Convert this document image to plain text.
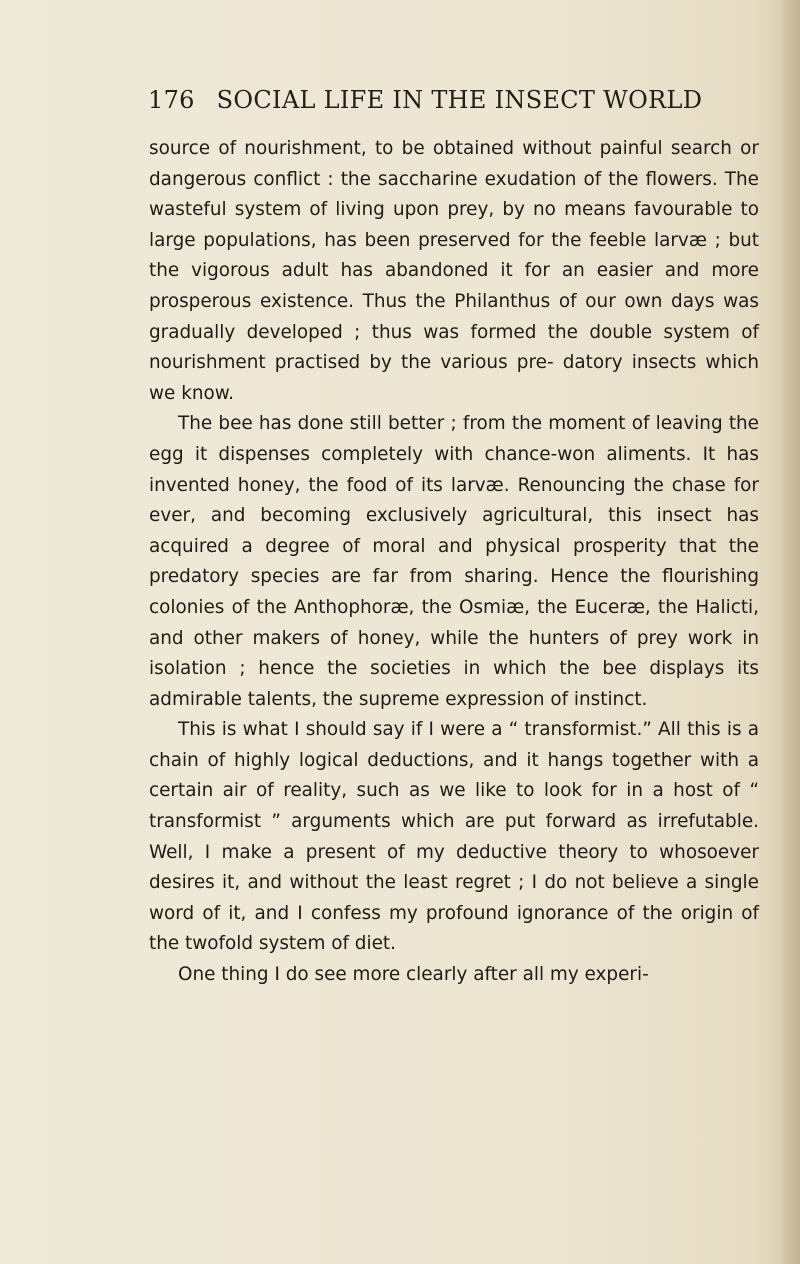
176 SOCIAL LIFE IN THE INSECT WORLD

source of nourishment, to be obtained without painful search or dangerous conflict : the saccharine exudation of the flowers. The wasteful system of living upon prey, by no means favourable to large populations, has been preserved for the feeble larvæ ; but the vigorous adult has abandoned it for an easier and more prosperous existence. Thus the Philanthus of our own days was gradually developed ; thus was formed the double system of nourishment practised by the various pre- datory insects which we know.

The bee has done still better ; from the moment of leaving the egg it dispenses completely with chance-won aliments. It has invented honey, the food of its larvæ. Renouncing the chase for ever, and becoming exclusively agricultural, this insect has acquired a degree of moral and physical prosperity that the predatory species are far from sharing. Hence the flourishing colonies of the Anthophoræ, the Osmiæ, the Euceræ, the Halicti, and other makers of honey, while the hunters of prey work in isolation ; hence the societies in which the bee displays its admirable talents, the supreme expression of instinct.

This is what I should say if I were a “ transformist.” All this is a chain of highly logical deductions, and it hangs together with a certain air of reality, such as we like to look for in a host of “ transformist ” arguments which are put forward as irrefutable. Well, I make a present of my deductive theory to whosoever desires it, and without the least regret ; I do not believe a single word of it, and I confess my profound ignorance of the origin of the twofold system of diet.

One thing I do see more clearly after all my experi-
